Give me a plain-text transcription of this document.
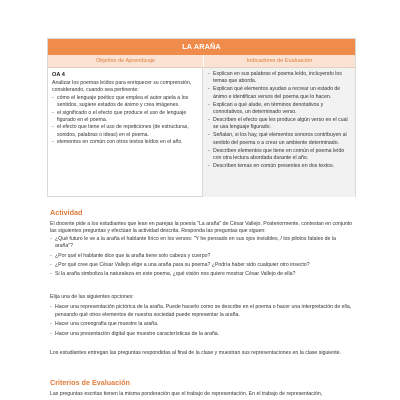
LA ARAÑA
Objetivo de Aprendizaje	Indicadores de Evaluación
OA 4

Analizar los poemas leídos para enriquecer su comprensión, considerando, cuando sea pertinente:

- cómo el lenguaje poético que emplea el autor apela a los sentidos, sugiere estados de ánimo y crea imágenes.
- el significado o el efecto que produce el uso de lenguaje figurado en el poema.
- el efecto que tiene el uso de repeticiones (de estructuras, sonidos, palabras o ideas) en el poema.
- elementos en común con otros textos leídos en el año.
- Explican en sus palabras el poema leído, incluyendo los temas que aborda.
- Explican qué elementos ayudan a recrear un estado de ánimo e identifican versos del poema que lo hacen.
- Explican a qué alude, en términos denotativos y connotativos, un determinado verso.
- Describen el efecto que les produce algún verso en el cual se usa lenguaje figurado.
- Señalan, si los hay, qué elementos sonoros contribuyen al sentido del poema o a crear un ambiente determinado.
- Describen elementos que tiene en común el poema leído con otra lectura abordada durante el año.
- Describen temas en común presentes en dos textos.
Actividad

El docente pide a los estudiantes que lean en parejas la poesía "La araña" de César Vallejo. Posteriormente, contestan en conjunto las siguientes preguntas y efectúan la actividad descrita. Responda las preguntas que siguen:

- ¿Qué futuro le ve a la araña el hablante lírico en los versos: "Y he pensado en sus ojos invisibles, / los pilotos fatales de la araña"?
- ¿Por qué el hablante dice que la araña tiene solo cabeza y cuerpo?
- ¿Por qué cree que César Vallejo elige a una araña para su poema? ¿Podría haber sido cualquier otro insecto?
- Si la araña simboliza la naturaleza en este poema, ¿qué visión nos quiere mostrar César Vallejo de ella?

Elija una de las siguientes opciones:

- Hacer una representación pictórica de la araña. Puede hacerlo como se describe en el poema o hacer una interpretación de ella, pensando qué otros elementos de nuestra sociedad puede representar la araña.
- Hacer una coreografía que muestre la araña.
- Hacer una presentación digital que muestre características de la araña.

Los estudiantes entregan las preguntas respondidas al final de la clase y muestran sus representaciones en la clase siguiente.

Criterios de Evaluación

Las preguntas escritas tienen la misma ponderación que el trabajo de representación. En el trabajo de representación,
